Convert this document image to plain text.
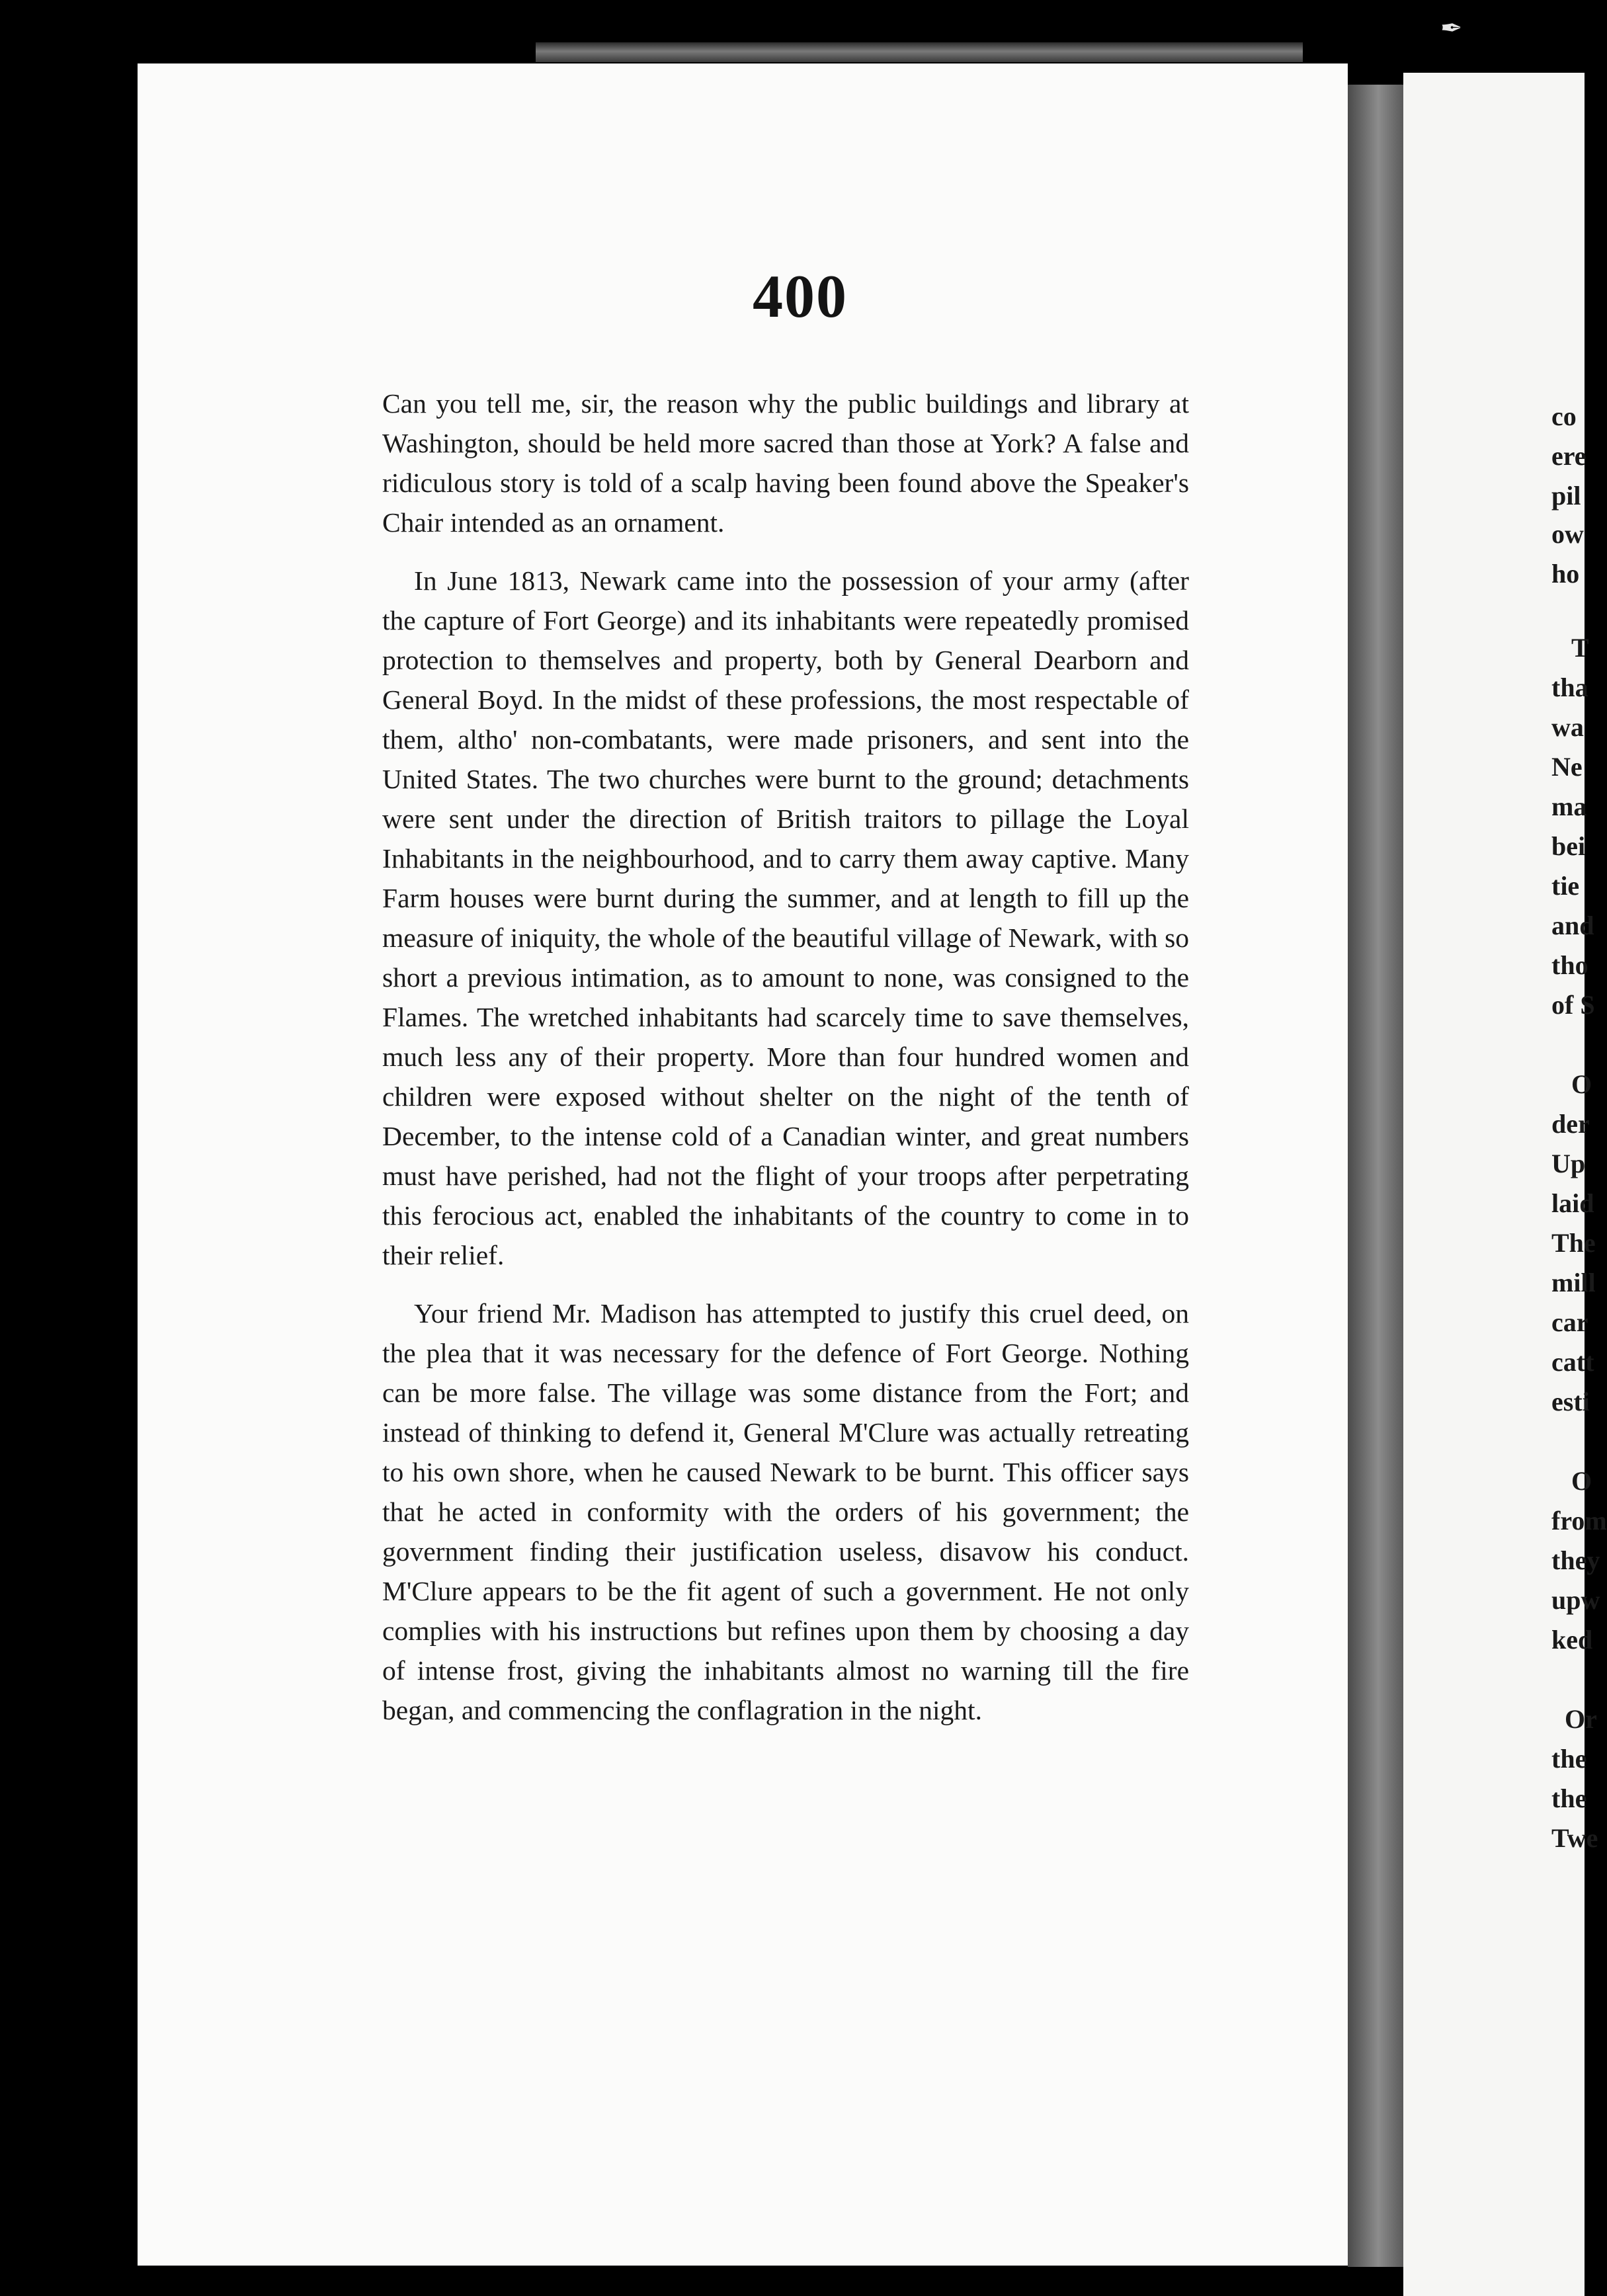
✒
400

Can you tell me, sir, the reason why the public buildings and library at Washington, should be held more sacred than those at York? A false and ridiculous story is told of a scalp having been found above the Speaker's Chair intended as an ornament.

In June 1813, Newark came into the possession of your army (after the capture of Fort George) and its inhabitants were repeatedly promised protection to themselves and property, both by General Dearborn and General Boyd. In the midst of these professions, the most respectable of them, altho' non-combatants, were made prisoners, and sent into the United States. The two churches were burnt to the ground; detachments were sent under the direction of British traitors to pillage the Loyal Inhabitants in the neighbourhood, and to carry them away captive. Many Farm houses were burnt during the summer, and at length to fill up the measure of iniquity, the whole of the beautiful village of Newark, with so short a previous intimation, as to amount to none, was consigned to the Flames. The wretched inhabitants had scarcely time to save themselves, much less any of their property. More than four hundred women and children were exposed without shelter on the night of the tenth of December, to the intense cold of a Canadian winter, and great numbers must have perished, had not the flight of your troops after perpetrating this ferocious act, enabled the inhabitants of the country to come in to their relief.

Your friend Mr. Madison has attempted to justify this cruel deed, on the plea that it was necessary for the defence of Fort George. Nothing can be more false. The village was some distance from the Fort; and instead of thinking to defend it, General M'Clure was actually retreating to his own shore, when he caused Newark to be burnt. This officer says that he acted in conformity with the orders of his government; the government finding their justification useless, disavow his conduct. M'Clure appears to be the fit agent of such a government. He not only complies with his instructions but refines upon them by choosing a day of intense frost, giving the inhabitants almost no warning till the fire began, and commencing the conflagration in the night.

co
ere
pil
ow
ho
T
tha
wa
Ne
ma
bei
tie
and
tho
of S
O
der
Up
laid
The
mill
car
catt
esti
O
from
they
upw
ked
Or
the
the
Twe
